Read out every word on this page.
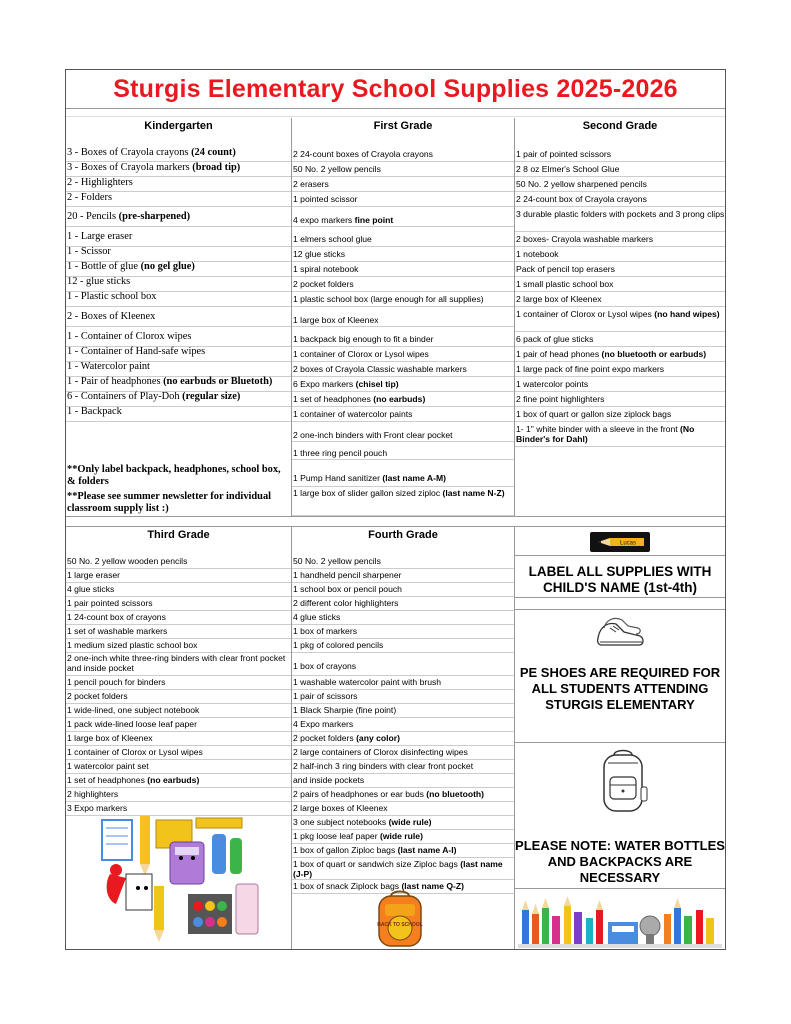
Sturgis Elementary School Supplies 2025-2026
Kindergarten
**Only label backpack, headphones, school box, & folders
**Please see summer newsletter for individual classroom supply list :)
3 - Boxes of Crayola crayons (24 count)
3 - Boxes of Crayola markers (broad tip)
2 - Highlighters
2 - Folders
20 - Pencils (pre-sharpened)
1 - Large eraser
1 - Scissor
1 - Bottle of glue (no gel glue)
12 - glue sticks
1 - Plastic school box
2 - Boxes of Kleenex
1 - Container of Clorox wipes
1 - Container of Hand-safe wipes
1 - Watercolor paint
1 - Pair of headphones (no earbuds or Bluetoth)
6 - Containers of Play-Doh (regular size)
1 - Backpack
First Grade
2 24-count boxes of Crayola crayons
50 No. 2 yellow pencils
2 erasers
1 pointed scissor
4 expo markers fine point
1 elmers school glue
12 glue sticks
1 spiral notebook
2 pocket folders
1 plastic school box (large enough for all supplies)
1 large box of Kleenex
1 backpack big enough to fit a binder
1 container of Clorox or Lysol wipes
2 boxes of Crayola Classic washable markers
6 Expo markers (chisel tip)
1 set of headphones (no earbuds)
1 container of watercolor paints
2 one-inch binders with Front clear pocket
1 three ring pencil pouch
1 Pump Hand sanitizer (last name A-M)
1 large box of slider gallon sized ziploc (last name N-Z)
Second Grade
1 pair of pointed scissors
2 8 oz Elmer's School Glue
50 No. 2 yellow sharpened pencils
2 24-count box of Crayola crayons
3 durable plastic folders with pockets and 3 prong clips
2 boxes- Crayola washable markers
1 notebook
Pack of pencil top erasers
1 small plastic school box
2 large box of Kleenex
1 container of Clorox or Lysol wipes (no hand wipes)
6 pack of glue sticks
1 pair of head phones (no bluetooth or earbuds)
1 large pack of fine point expo markers
1 watercolor points
2 fine point highlighters
1 box of quart or gallon size ziplock bags
1- 1" white binder with a sleeve in the front (No Binder's for Dahl)
Third Grade
50 No. 2 yellow wooden pencils
1 large eraser
4 glue sticks
1 pair pointed scissors
1 24-count box of crayons
1 set of washable markers
1 medium sized plastic school box
2 one-inch white three-ring binders with clear front pocket and inside pocket
1 pencil pouch for binders
2 pocket folders
1 wide-lined, one subject notebook
1 pack wide-lined loose leaf paper
1 large box of Kleenex
1 container of Clorox or Lysol wipes
1 watercolor paint set
1 set of headphones (no earbuds)
2 highlighters
3 Expo markers
Fourth Grade
50 No. 2 yellow pencils
1 handheld pencil sharpener
1 school box or pencil pouch
2 different color highlighters
4 glue sticks
1 box of markers
1 pkg of colored pencils
1 box of crayons
1 washable watercolor paint with brush
1 pair of scissors
1 Black Sharpie (fine point)
4 Expo markers
2 pocket folders (any color)
2 large containers of Clorox disinfecting wipes
2 half-inch 3 ring binders with clear front pocket
and inside pockets
2 pairs of headphones or ear buds (no bluetooth)
2 large boxes of Kleenex
3 one subject notebooks (wide rule)
1 pkg loose leaf paper (wide rule)
1 box of gallon Ziploc bags (last name A-I)
1 box of quart or sandwich size Ziploc bags (last name (J-P)
1 box of snack Ziplock bags (last name Q-Z)
Lucas
LABEL ALL SUPPLIES WITH CHILD'S NAME (1st-4th)
PE SHOES ARE REQUIRED FOR ALL STUDENTS ATTENDING STURGIS ELEMENTARY
PLEASE NOTE: WATER BOTTLES AND BACKPACKS ARE NECESSARY
BACK TO SCHOOL
